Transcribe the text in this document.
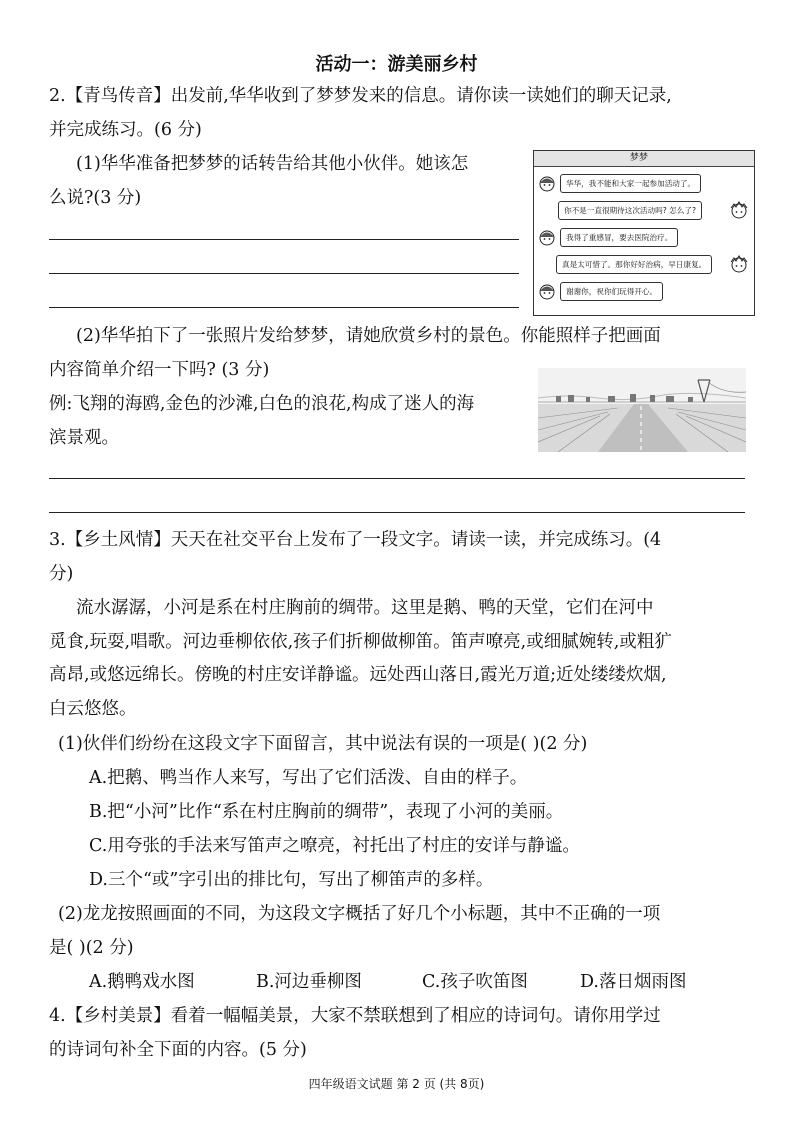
活动一：游美丽乡村
2.【青鸟传音】出发前,华华收到了梦梦发来的信息。请你读一读她们的聊天记录,
并完成练习。(6 分)
(1)华华准备把梦梦的话转告给其他小伙伴。她该怎
么说?(3 分)
梦梦
华华，我不能和大家一起参加活动了。
你不是一直很期待这次活动吗? 怎么了?
我得了重感冒，要去医院治疗。
真是太可惜了。那你好好治病，早日康复。
谢谢你，祝你们玩得开心。
(2)华华拍下了一张照片发给梦梦，请她欣赏乡村的景色。你能照样子把画面
内容简单介绍一下吗? (3 分)
例:飞翔的海鸥,金色的沙滩,白色的浪花,构成了迷人的海
滨景观。
3.【乡土风情】天天在社交平台上发布了一段文字。请读一读，并完成练习。(4
分)
流水潺潺，小河是系在村庄胸前的绸带。这里是鹅、鸭的天堂，它们在河中
觅食,玩耍,唱歌。河边垂柳依依,孩子们折柳做柳笛。笛声嘹亮,或细腻婉转,或粗犷
高昂,或悠远绵长。傍晚的村庄安详静谧。远处西山落日,霞光万道;近处缕缕炊烟,
白云悠悠。
(1)伙伴们纷纷在这段文字下面留言，其中说法有误的一项是( )(2 分)
A.把鹅、鸭当作人来写，写出了它们活泼、自由的样子。
B.把“小河”比作“系在村庄胸前的绸带”，表现了小河的美丽。
C.用夸张的手法来写笛声之嘹亮，衬托出了村庄的安详与静谧。
D.三个“或”字引出的排比句，写出了柳笛声的多样。
(2)龙龙按照画面的不同，为这段文字概括了好几个小标题，其中不正确的一项
是( )(2 分)
A.鹅鸭戏水图	B.河边垂柳图	C.孩子吹笛图	D.落日烟雨图
4.【乡村美景】看着一幅幅美景，大家不禁联想到了相应的诗词句。请你用学过
的诗词句补全下面的内容。(5 分)
四年级语文试题 第 2 页 (共 8页)
